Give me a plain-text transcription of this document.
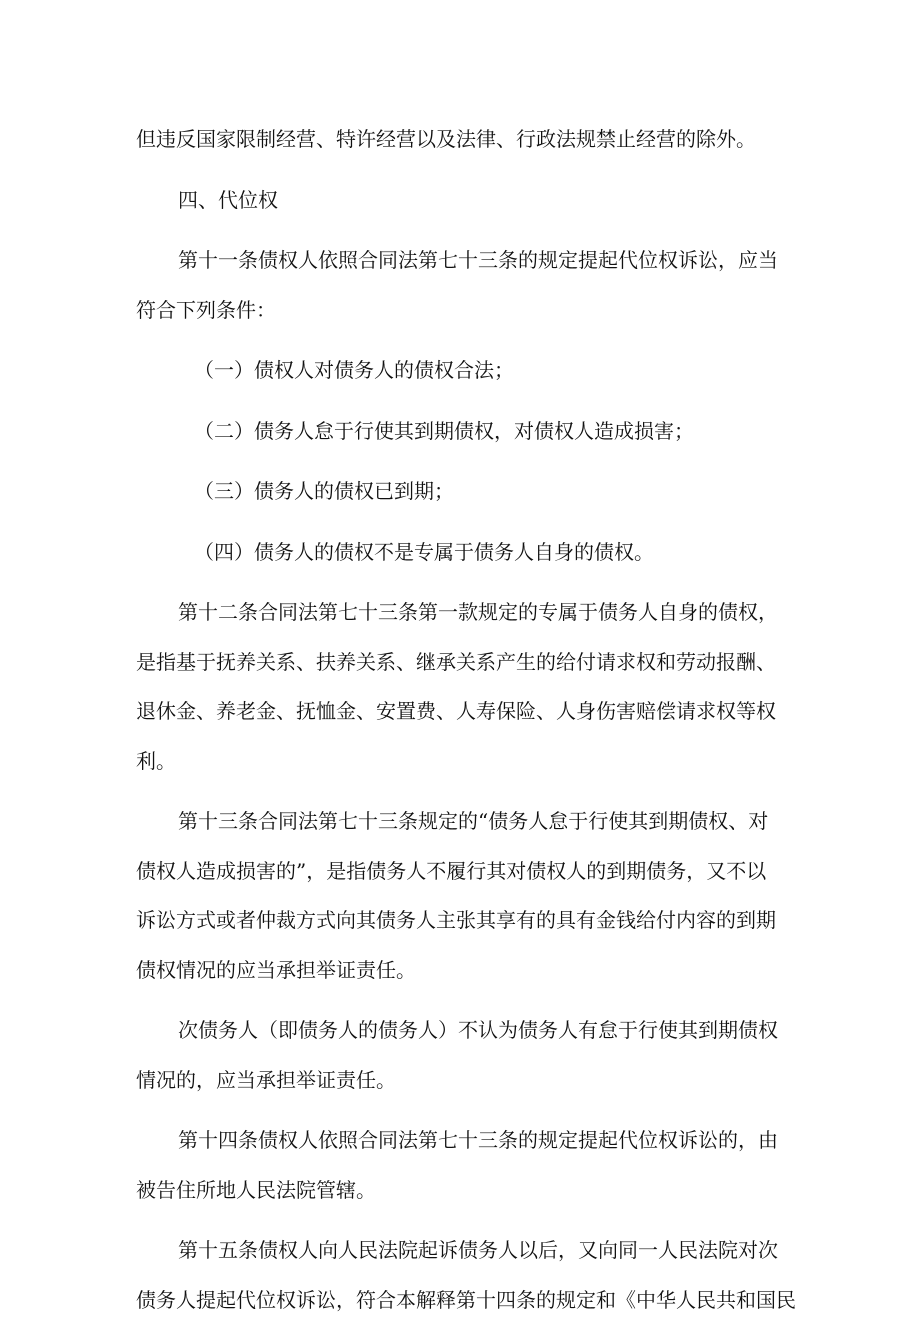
但违反国家限制经营、特许经营以及法律、行政法规禁止经营的除外。
四、代位权
第十一条债权人依照合同法第七十三条的规定提起代位权诉讼，应当
符合下列条件：
（一）债权人对债务人的债权合法；
（二）债务人怠于行使其到期债权，对债权人造成损害；
（三）债务人的债权已到期；
（四）债务人的债权不是专属于债务人自身的债权。
第十二条合同法第七十三条第一款规定的专属于债务人自身的债权，
是指基于抚养关系、扶养关系、继承关系产生的给付请求权和劳动报酬、
退休金、养老金、抚恤金、安置费、人寿保险、人身伤害赔偿请求权等权
利。
第十三条合同法第七十三条规定的“债务人怠于行使其到期债权、对
债权人造成损害的”，是指债务人不履行其对债权人的到期债务，又不以
诉讼方式或者仲裁方式向其债务人主张其享有的具有金钱给付内容的到期
债权情况的应当承担举证责任。
次债务人（即债务人的债务人）不认为债务人有怠于行使其到期债权
情况的，应当承担举证责任。
第十四条债权人依照合同法第七十三条的规定提起代位权诉讼的，由
被告住所地人民法院管辖。
第十五条债权人向人民法院起诉债务人以后，又向同一人民法院对次
债务人提起代位权诉讼，符合本解释第十四条的规定和《中华人民共和国民
